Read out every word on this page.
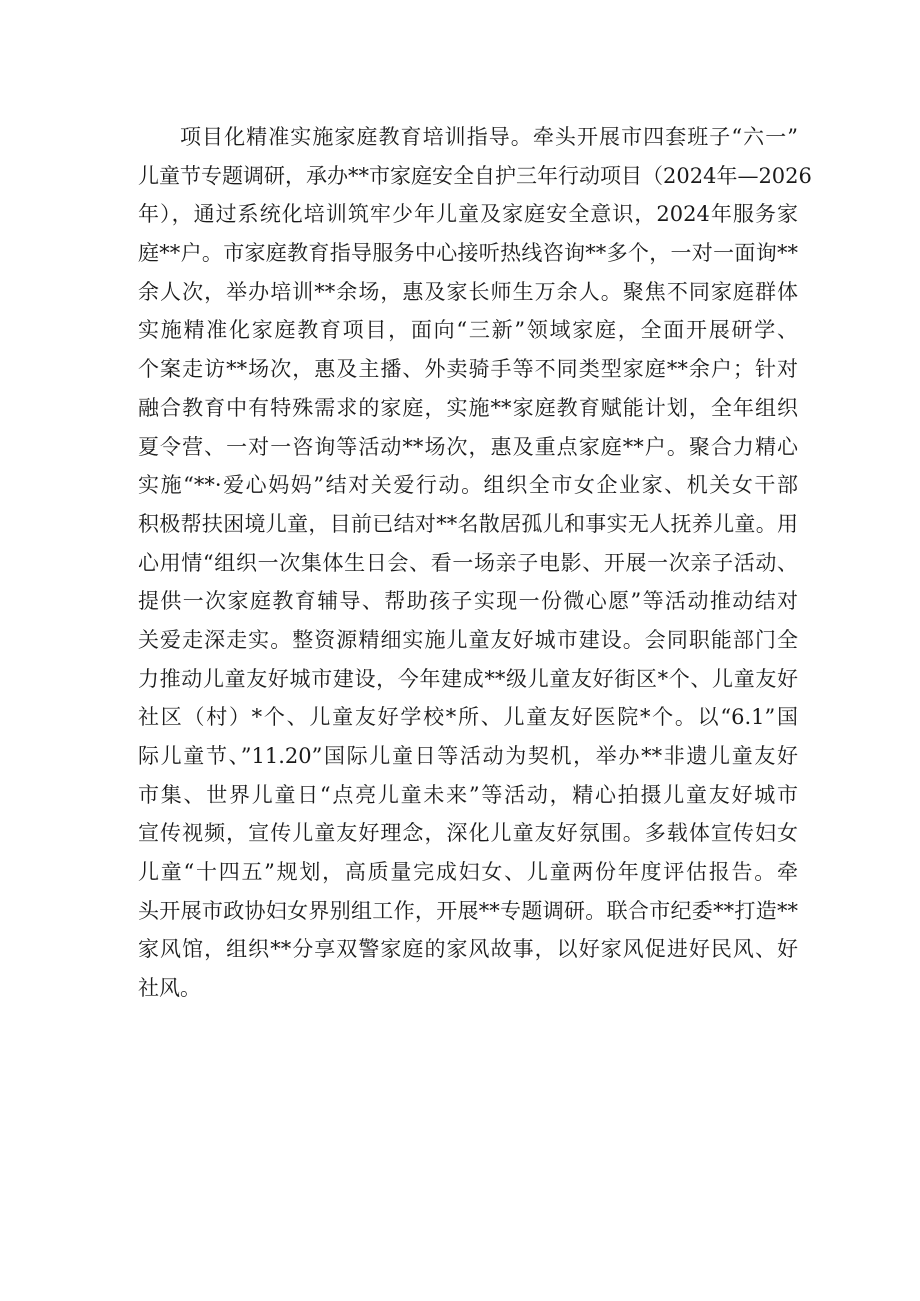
项目化精准实施家庭教育培训指导。牵头开展市四套班子“六一”
儿童节专题调研，承办**市家庭安全自护三年行动项目（2024年—2026
年），通过系统化培训筑牢少年儿童及家庭安全意识，2024年服务家
庭**户。市家庭教育指导服务中心接听热线咨询**多个，一对一面询**
余人次，举办培训**余场，惠及家长师生万余人。聚焦不同家庭群体
实施精准化家庭教育项目，面向“三新”领域家庭，全面开展研学、
个案走访**场次，惠及主播、外卖骑手等不同类型家庭**余户；针对
融合教育中有特殊需求的家庭，实施**家庭教育赋能计划，全年组织
夏令营、一对一咨询等活动**场次，惠及重点家庭**户。聚合力精心
实施“**·爱心妈妈”结对关爱行动。组织全市女企业家、机关女干部
积极帮扶困境儿童，目前已结对**名散居孤儿和事实无人抚养儿童。用
心用情“组织一次集体生日会、看一场亲子电影、开展一次亲子活动、
提供一次家庭教育辅导、帮助孩子实现一份微心愿”等活动推动结对
关爱走深走实。整资源精细实施儿童友好城市建设。会同职能部门全
力推动儿童友好城市建设，今年建成**级儿童友好街区*个、儿童友好
社区（村）*个、儿童友好学校*所、儿童友好医院*个。以“6.1”国
际儿童节、”11.20”国际儿童日等活动为契机，举办**非遗儿童友好
市集、世界儿童日“点亮儿童未来”等活动，精心拍摄儿童友好城市
宣传视频，宣传儿童友好理念，深化儿童友好氛围。多载体宣传妇女
儿童“十四五”规划，高质量完成妇女、儿童两份年度评估报告。牵
头开展市政协妇女界别组工作，开展**专题调研。联合市纪委**打造**
家风馆，组织**分享双警家庭的家风故事，以好家风促进好民风、好
社风。
